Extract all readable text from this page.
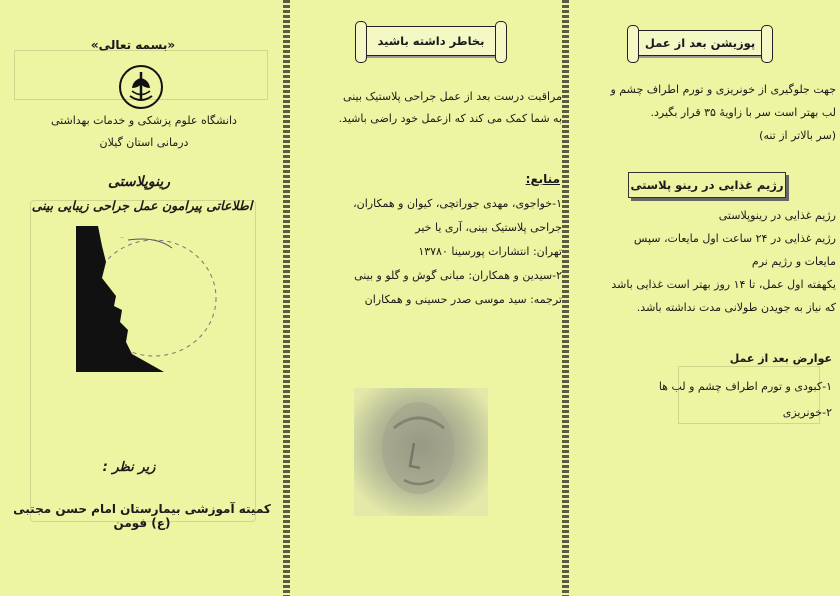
پوزیشن بعد از عمل
جهت جلوگیری از خونریزی و تورم اطراف چشم و
لب بهتر است سر با زاویهٔ ۳۵ قرار بگیرد.
(سر بالاتر از تنه)
رژیم غذایی در رینو پلاستی
رژیم غذایی در رینوپلاستی
رژیم غذایی در ۲۴ ساعت اول مایعات، سپس
مایعات و رژیم نرم
یکهفته اول عمل، تا ۱۴ روز بهتر است غذایی باشد
که نیاز به جویدن طولانی مدت نداشته باشد.
عوارض بعد از عمل
۱-کبودی و تورم اطراف چشم و لب ها
۲-خونریزی
بخاطر داشته باشید
مراقبت درست بعد از عمل جراحی پلاستیک بینی
به شما کمک می کند که ازعمل خود راضی باشید.
منابع:
۱-خواجوی، مهدی جوراتچی، کیوان و همکاران،
جراحی پلاستیک بینی، آری یا خیر
تهران: انتشارات پورسینا ۱۳۷۸۰
۲-سیدین و همکاران: مبانی گوش و گلو و بینی
ترجمه: سید موسی صدر حسینی و همکاران
«بسمه تعالی»
دانشگاه علوم پزشکی و خدمات بهداشتی
درمانی استان گیلان
رینوپلاستی
اطلاعاتی پیرامون عمل جراحی زیبایی بینی
..
زیر نظر :
کمیته آموزشی بیمارستان امام حسن مجتبی (ع) فومن
